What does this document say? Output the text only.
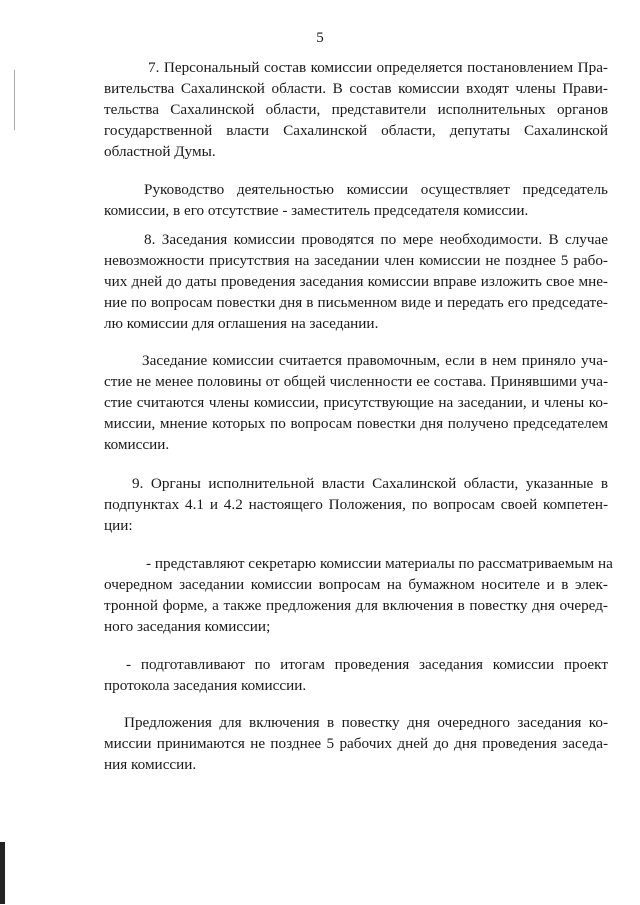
5
7. Персональный состав комиссии определяется постановлением Пра-
вительства Сахалинской области. В состав комиссии входят члены Прави-
тельства Сахалинской области, представители исполнительных органов
государственной власти Сахалинской области, депутаты Сахалинской
областной Думы.
Руководство деятельностью комиссии осуществляет председатель
комиссии, в его отсутствие - заместитель председателя комиссии.
8. Заседания комиссии проводятся по мере необходимости. В случае
невозможности присутствия на заседании член комиссии не позднее 5 рабо-
чих дней до даты проведения заседания комиссии вправе изложить свое мне-
ние по вопросам повестки дня в письменном виде и передать его председате-
лю комиссии для оглашения на заседании.
Заседание комиссии считается правомочным, если в нем приняло уча-
стие не менее половины от общей численности ее состава. Принявшими уча-
стие считаются члены комиссии, присутствующие на заседании, и члены ко-
миссии, мнение которых по вопросам повестки дня получено председателем
комиссии.
9. Органы исполнительной власти Сахалинской области, указанные в
подпунктах 4.1 и 4.2 настоящего Положения, по вопросам своей компетен-
ции:
- представляют секретарю комиссии материалы по рассматриваемым на
очередном заседании комиссии вопросам на бумажном носителе и в элек-
тронной форме, а также предложения для включения в повестку дня очеред-
ного заседания комиссии;
- подготавливают по итогам проведения заседания комиссии проект
протокола заседания комиссии.
Предложения для включения в повестку дня очередного заседания ко-
миссии принимаются не позднее 5 рабочих дней до дня проведения заседа-
ния комиссии.
